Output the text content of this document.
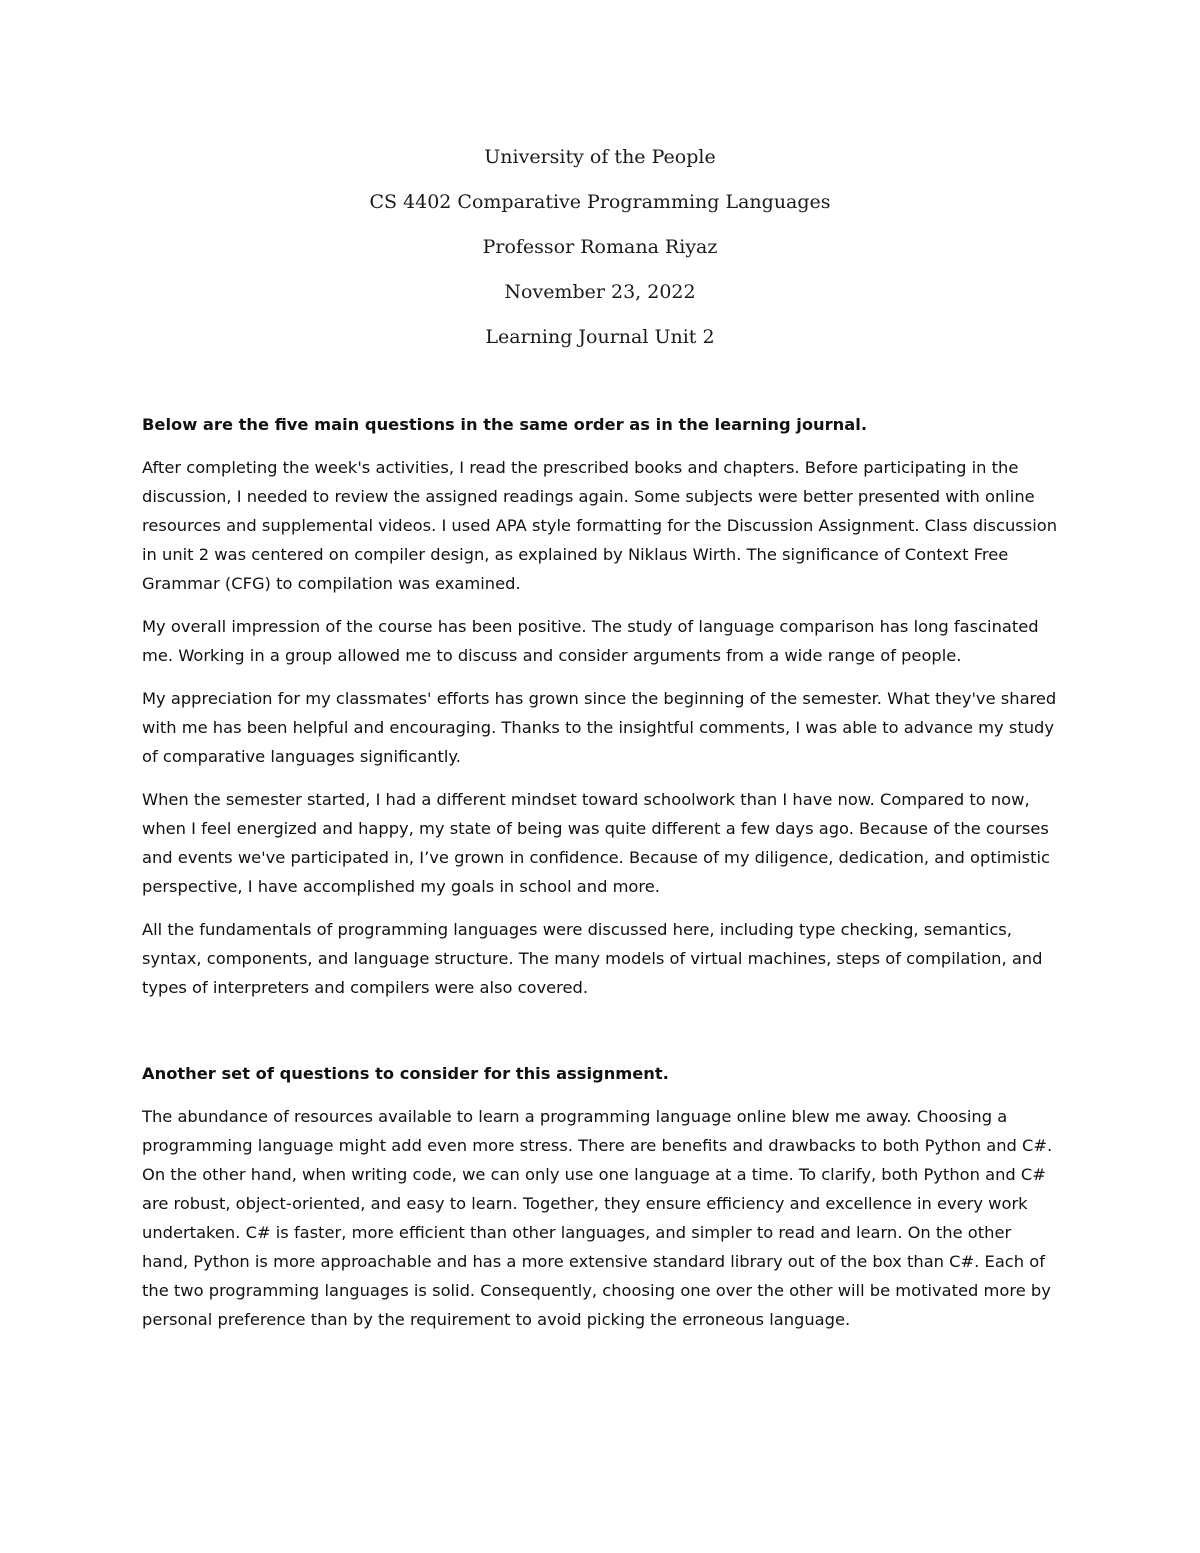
University of the People
CS 4402 Comparative Programming Languages
Professor Romana Riyaz
November 23, 2022
Learning Journal Unit 2

Below are the five main questions in the same order as in the learning journal.

After completing the week's activities, I read the prescribed books and chapters. Before participating in the discussion, I needed to review the assigned readings again. Some subjects were better presented with online resources and supplemental videos. I used APA style formatting for the Discussion Assignment. Class discussion in unit 2 was centered on compiler design, as explained by Niklaus Wirth. The significance of Context Free Grammar (CFG) to compilation was examined.

My overall impression of the course has been positive. The study of language comparison has long fascinated me. Working in a group allowed me to discuss and consider arguments from a wide range of people.

My appreciation for my classmates' efforts has grown since the beginning of the semester. What they've shared with me has been helpful and encouraging. Thanks to the insightful comments, I was able to advance my study of comparative languages significantly.

When the semester started, I had a different mindset toward schoolwork than I have now. Compared to now, when I feel energized and happy, my state of being was quite different a few days ago. Because of the courses and events we've participated in, I’ve grown in confidence. Because of my diligence, dedication, and optimistic perspective, I have accomplished my goals in school and more.

All the fundamentals of programming languages were discussed here, including type checking, semantics, syntax, components, and language structure. The many models of virtual machines, steps of compilation, and types of interpreters and compilers were also covered.

Another set of questions to consider for this assignment.

The abundance of resources available to learn a programming language online blew me away. Choosing a programming language might add even more stress. There are benefits and drawbacks to both Python and C#. On the other hand, when writing code, we can only use one language at a time. To clarify, both Python and C# are robust, object-oriented, and easy to learn. Together, they ensure efficiency and excellence in every work undertaken. C# is faster, more efficient than other languages, and simpler to read and learn. On the other hand, Python is more approachable and has a more extensive standard library out of the box than C#. Each of the two programming languages is solid. Consequently, choosing one over the other will be motivated more by personal preference than by the requirement to avoid picking the erroneous language.
